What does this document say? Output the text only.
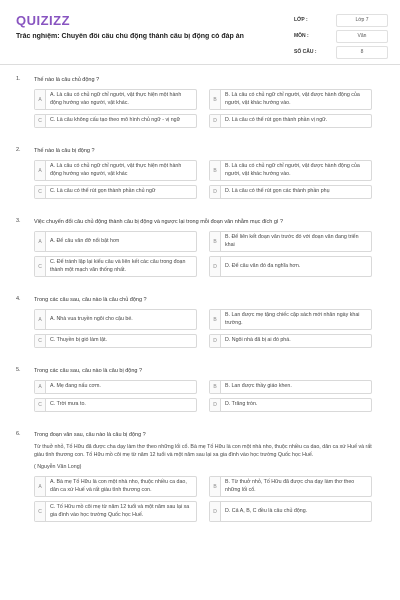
QUIZIZZ
Trắc nghiệm: Chuyển đổi câu chủ động thành câu bị động có đáp án
LỚP :	Lớp 7
MÔN :	Văn
SỐ CÂU :	8
1. Thế nào là câu chủ động ?
A
A. Là câu có chủ ngữ chỉ người, vật thực hiện một hành động hướng vào người, vật khác.	B
B. Là câu có chủ ngữ chỉ người, vật được hành động của người, vật khác hướng vào.
C	C. Là câu không cấu tạo theo mô hình chủ ngữ - vị ngữ	D	D. Là câu có thể rút gọn thành phần vị ngữ.
2. Thế nào là câu bị động ?
A
A. Là câu có chủ ngữ chỉ người, vật thực hiện một hành động hướng vào người, vật khác	B
B. Là câu có chủ ngữ chỉ người, vật được hành động của người, vật khác hướng vào.
C	C. Là câu có thể rút gọn thành phần chủ ngữ	D	D. Là câu có thể rút gọn các thành phần phụ
3. Việc chuyển đổi câu chủ động thành câu bị động và ngược lại trong mỗi đoạn văn nhằm mục đích gì ?
A	A. Để câu văn đỡ nổi bật hơn	B
B. Để liên kết đoạn văn trước đó với đoạn văn đang triển khai
C
C. Để tránh lặp lại kiểu câu và liên kết các câu trong đoạn thành một mạch văn thống nhất.	D	D. Để câu văn đó đa nghĩa hơn.
4. Trong các câu sau, câu nào là câu chủ động ?
A	A. Nhà vua truyền ngôi cho cậu bé.	B
B. Lan được mẹ tặng chiếc cặp sách mới nhân ngày khai trường.
C	C. Thuyền bị gió làm lật.	D	D. Ngôi nhà đã bị ai đó phá.
5. Trong các câu sau, câu nào là câu bị động ?
A	A. Mẹ đang nấu cơm.	B	B. Lan được thầy giáo khen.
C	C. Trời mưa to.	D	D. Trăng tròn.
6. Trong đoạn văn sau, câu nào là câu bị động ?
Từ thuở nhỏ, Tố Hữu đã được cha dạy làm thơ theo những lối cổ. Bà mẹ Tố Hữu là con một nhà nho, thuộc nhiều ca dao, dân ca xứ Huế và rất giàu tình thương con. Tố Hữu mồ côi mẹ từ năm 12 tuổi và một năm sau lại xa gia đình vào học trường Quốc học Huế.
( Nguyễn Văn Long)
A
A. Bà mẹ Tố Hữu là con một nhà nho, thuộc nhiều ca dao, dân ca xứ Huế và rất giàu tình thương con.	B
B. Từ thuở nhỏ, Tố Hữu đã được cha dạy làm thơ theo những lối cổ.
C
C. Tố Hữu mồ côi mẹ từ năm 12 tuổi và một năm sau lại xa gia đình vào học trường Quốc học Huế.	D	D. Cả A, B, C đều là câu chủ động.
